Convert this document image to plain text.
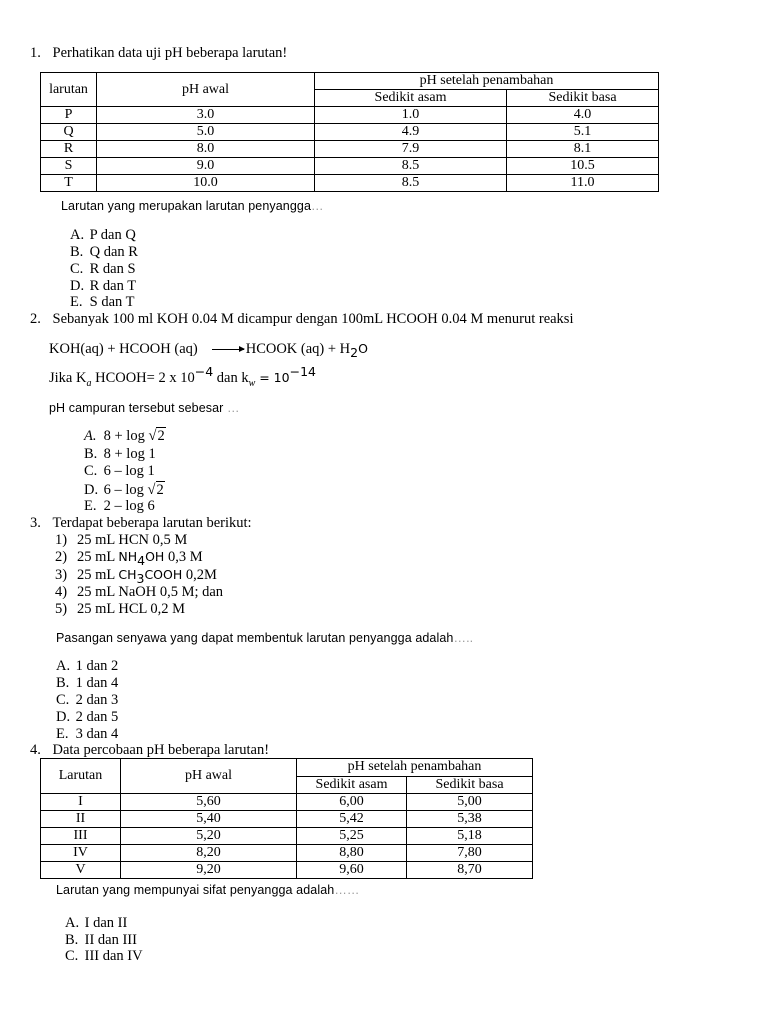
1. Perhatikan data uji pH beberapa larutan!
larutan	pH awal	pH setelah penambahan	
		Sedikit asam	Sedikit basa
P	3.0	1.0	4.0
Q	5.0	4.9	5.1
R	8.0	7.9	8.1
S	9.0	8.5	10.5
T	10.0	8.5	11.0
Larutan yang merupakan larutan penyangga…
A. P dan Q
B. Q dan R
C. R dan S
D. R dan T
E. S dan T
2. Sebanyak 100 ml KOH 0.04 M dicampur dengan 100mL HCOOH 0.04 M menurut reaksi
KOH(aq) + HCOOH (aq) → HCOOK $(aq) + H_2O$
Jika $K_a$ HCOOH= 2 x $10^{-4}$ dan $k_w = 10^{-14}$
pH campuran tersebut sebesar …
A. 8 + log √2
B. 8 + log 1
C. 6 – log 1
D. 6 – log √2
E. 2 – log 6
3. Terdapat beberapa larutan berikut:
1) 25 mL HCN 0,5 M
2) 25 mL $NH_4OH$ 0,3 M
3) 25 mL $CH_3COOH$ 0,2M
4) 25 mL NaOH 0,5 M; dan
5) 25 mL HCL 0,2 M
Pasangan senyawa yang dapat membentuk larutan penyangga adalah…..
A. 1 dan 2
B. 1 dan 4
C. 2 dan 3
D. 2 dan 5
E. 3 dan 4
4. Data percobaan pH beberapa larutan!
Larutan	pH awal	pH setelah penambahan	
		Sedikit asam	Sedikit basa
I	5,60	6,00	5,00
II	5,40	5,42	5,38
III	5,20	5,25	5,18
IV	8,20	8,80	7,80
V	9,20	9,60	8,70
Larutan yang mempunyai sifat penyangga adalah……
A. I dan II
B. II dan III
C. III dan IV
